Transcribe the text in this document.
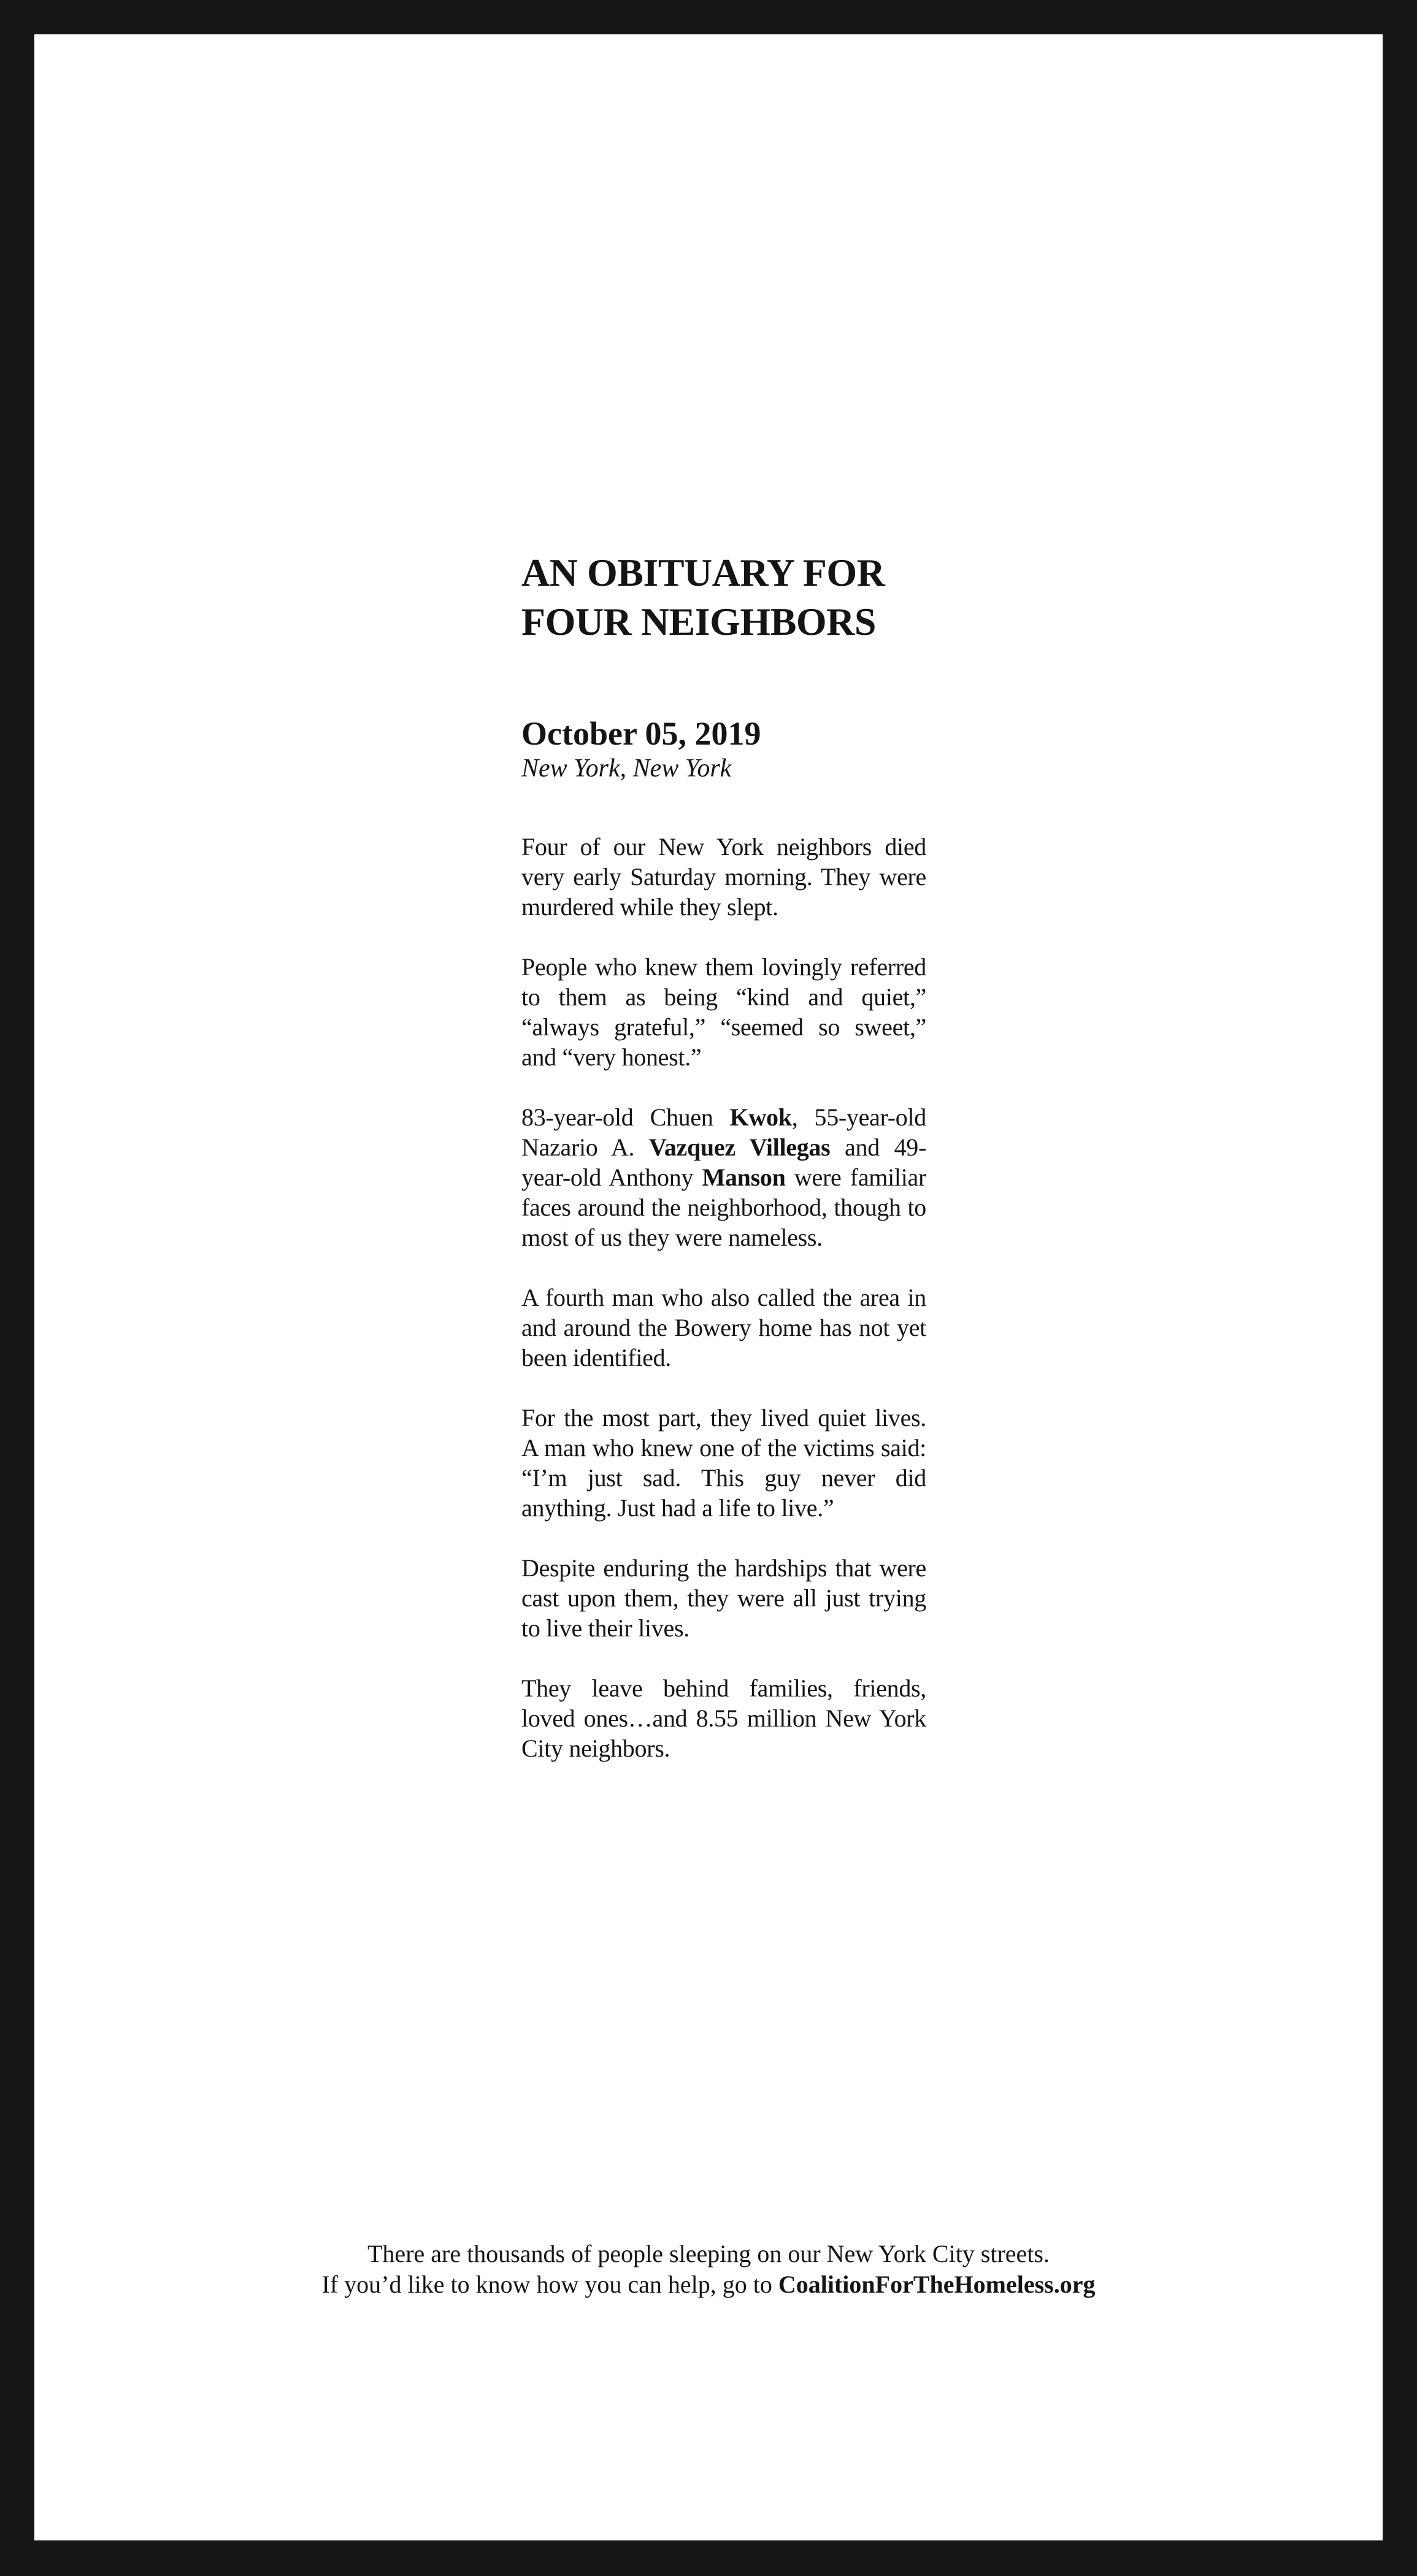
AN OBITUARY FOR
FOUR NEIGHBORS
October 05, 2019
New York, New York

Four of our New York neighbors died very early Saturday morning. They were murdered while they slept.

People who knew them lovingly referred to them as being “kind and quiet,” “always grateful,” “seemed so sweet,” and “very honest.”

83-year-old Chuen Kwok, 55-year-old Nazario A. Vazquez Villegas and 49-year-old Anthony Manson were familiar faces around the neighborhood, though to most of us they were nameless.

A fourth man who also called the area in and around the Bowery home has not yet been identified.

For the most part, they lived quiet lives. A man who knew one of the victims said: “I’m just sad. This guy never did anything. Just had a life to live.”

Despite enduring the hardships that were cast upon them, they were all just trying to live their lives.

They leave behind families, friends, loved ones…and 8.55 million New York City neighbors.

There are thousands of people sleeping on our New York City streets.
If you’d like to know how you can help, go to CoalitionForTheHomeless.org
